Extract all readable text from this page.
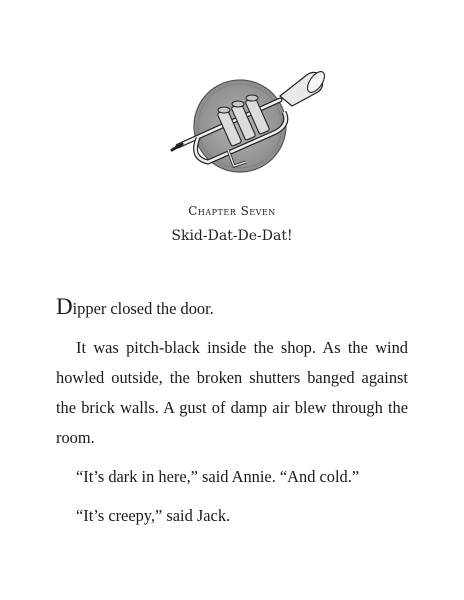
Chapter Seven
Skid-Dat-De-Dat!

Dipper closed the door.

It was pitch-black inside the shop. As the wind howled outside, the broken shutters banged against the brick walls. A gust of damp air blew through the room.

“It’s dark in here,” said Annie. “And cold.”

“It’s creepy,” said Jack.
